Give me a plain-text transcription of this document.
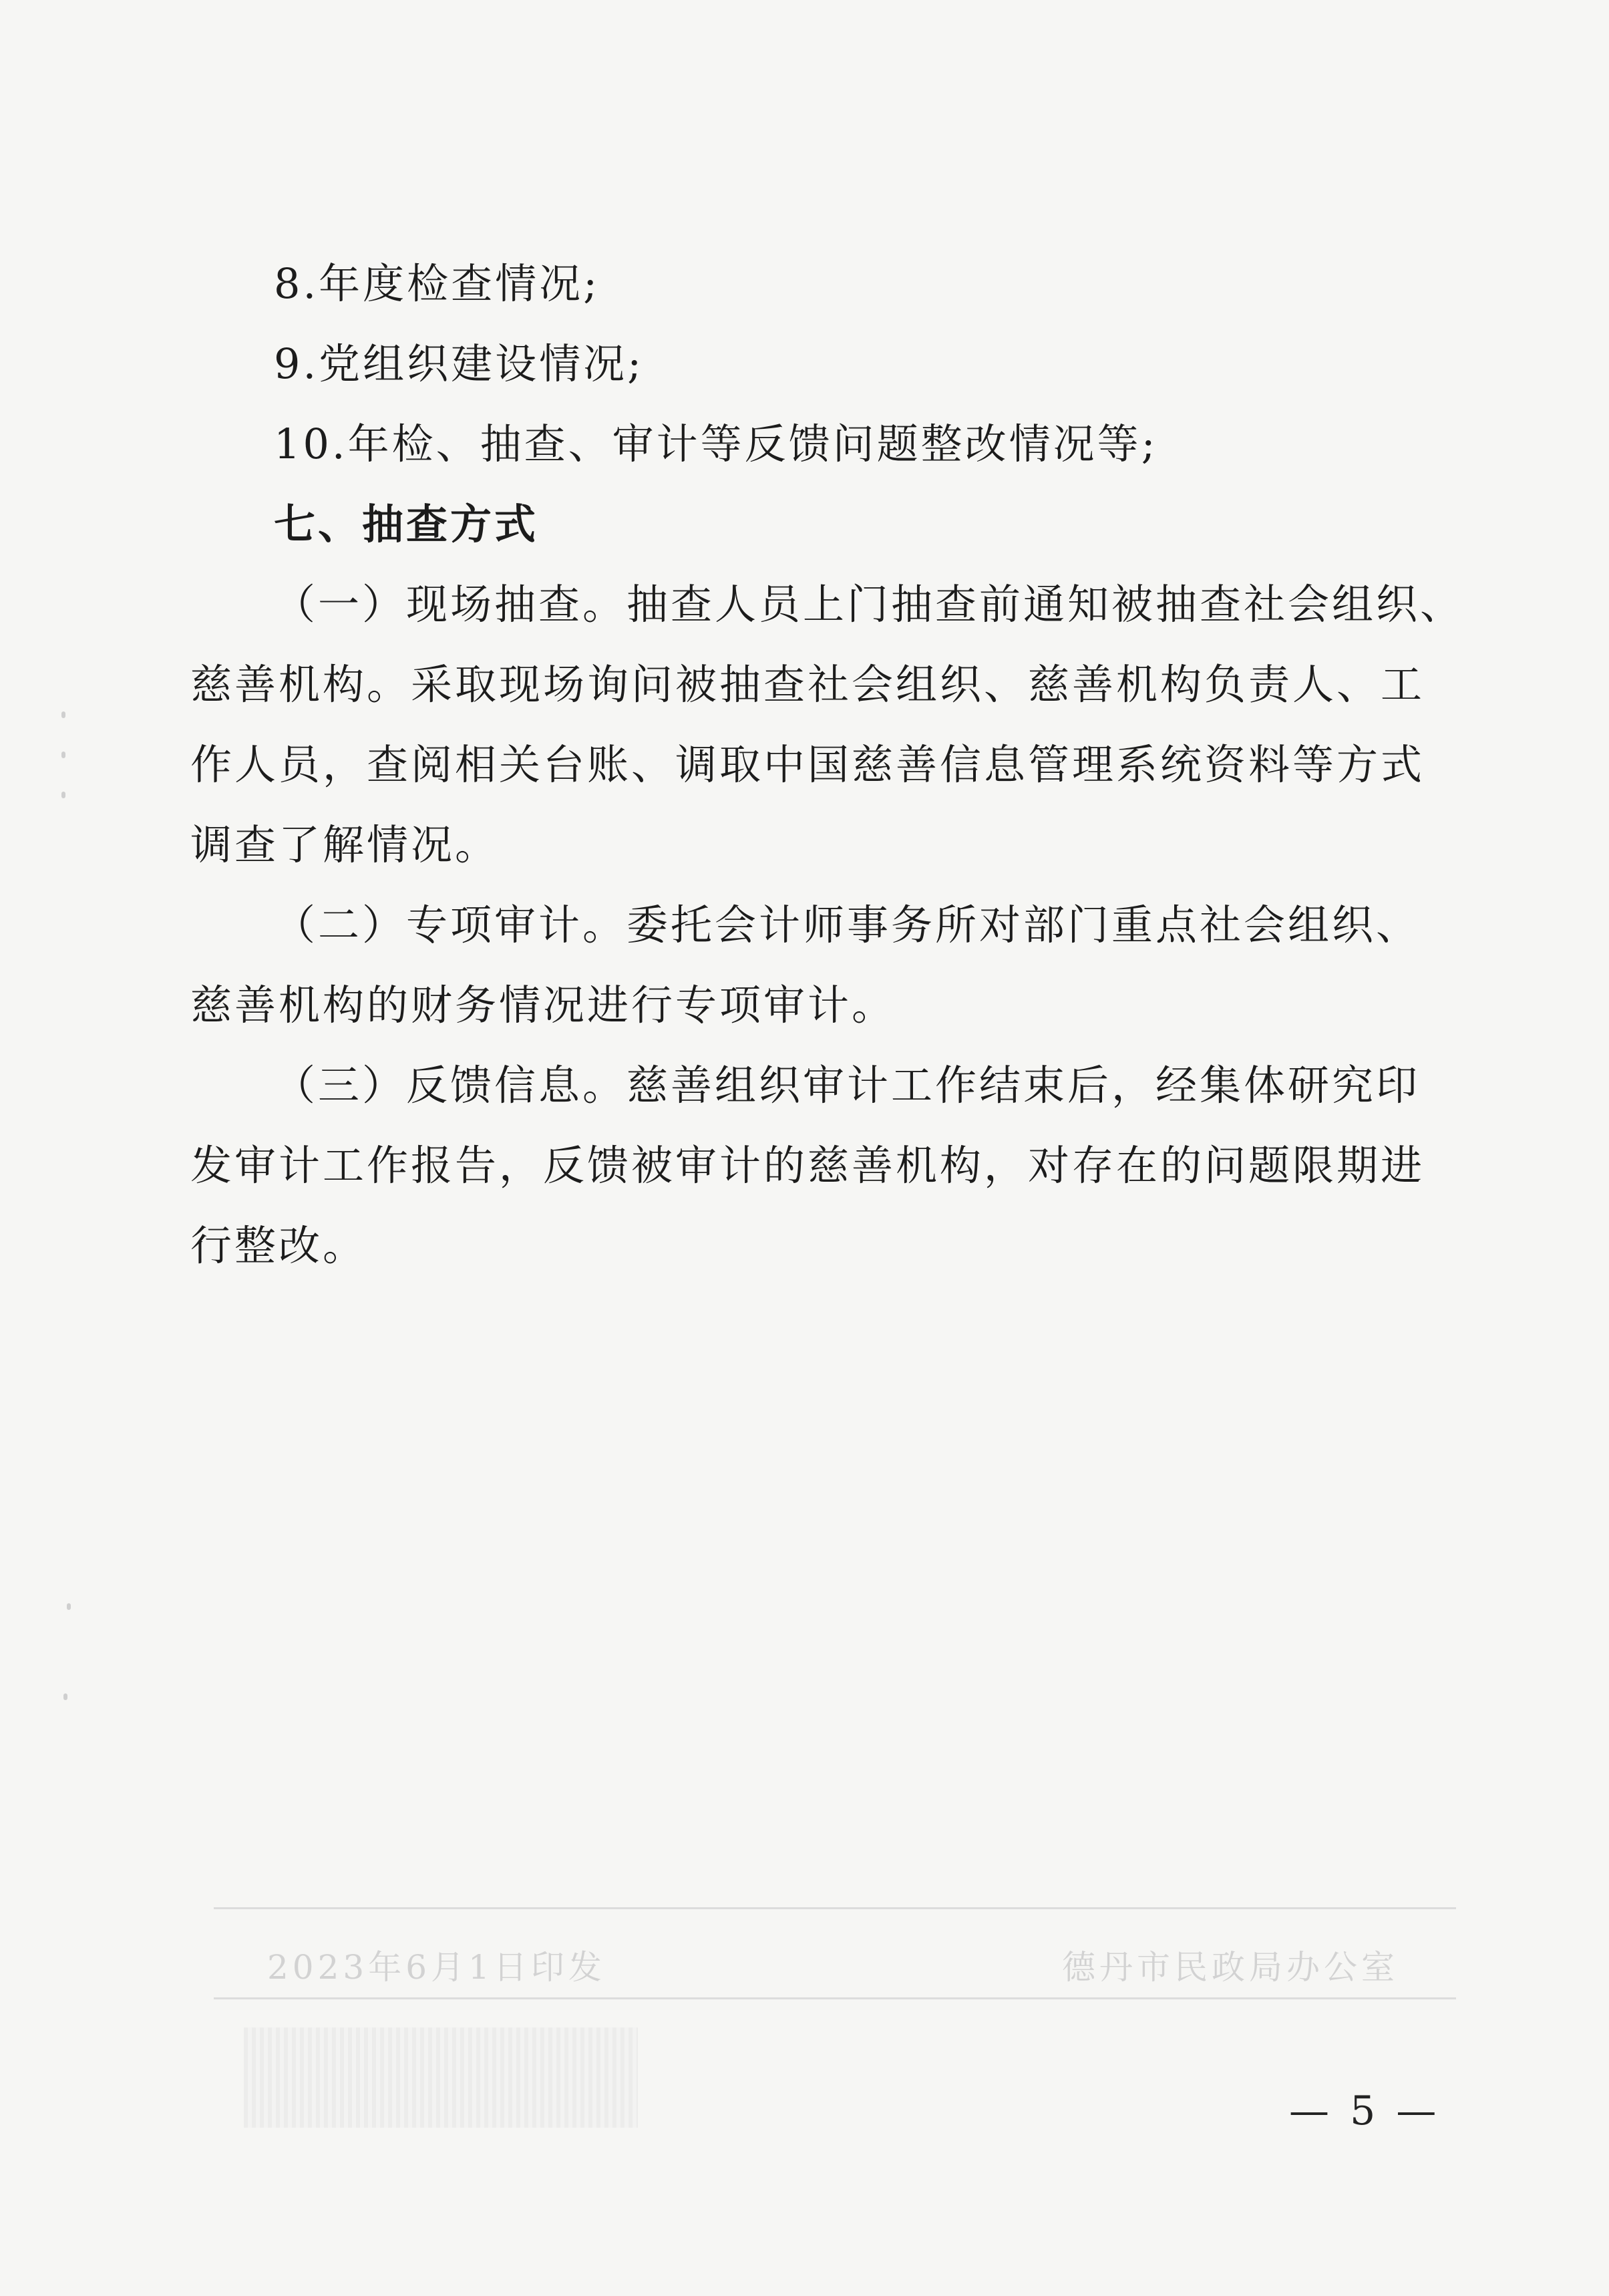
8.年度检查情况;
9.党组织建设情况;
10.年检、抽查、审计等反馈问题整改情况等;
七、抽查方式
（一）现场抽查。抽查人员上门抽查前通知被抽查社会组织、
慈善机构。采取现场询问被抽查社会组织、慈善机构负责人、工
作人员，查阅相关台账、调取中国慈善信息管理系统资料等方式
调查了解情况。
（二）专项审计。委托会计师事务所对部门重点社会组织、
慈善机构的财务情况进行专项审计。
（三）反馈信息。慈善组织审计工作结束后，经集体研究印
发审计工作报告，反馈被审计的慈善机构，对存在的问题限期进
行整改。
德丹市民政局办公室
2023年6月1日印发
— 5 —
